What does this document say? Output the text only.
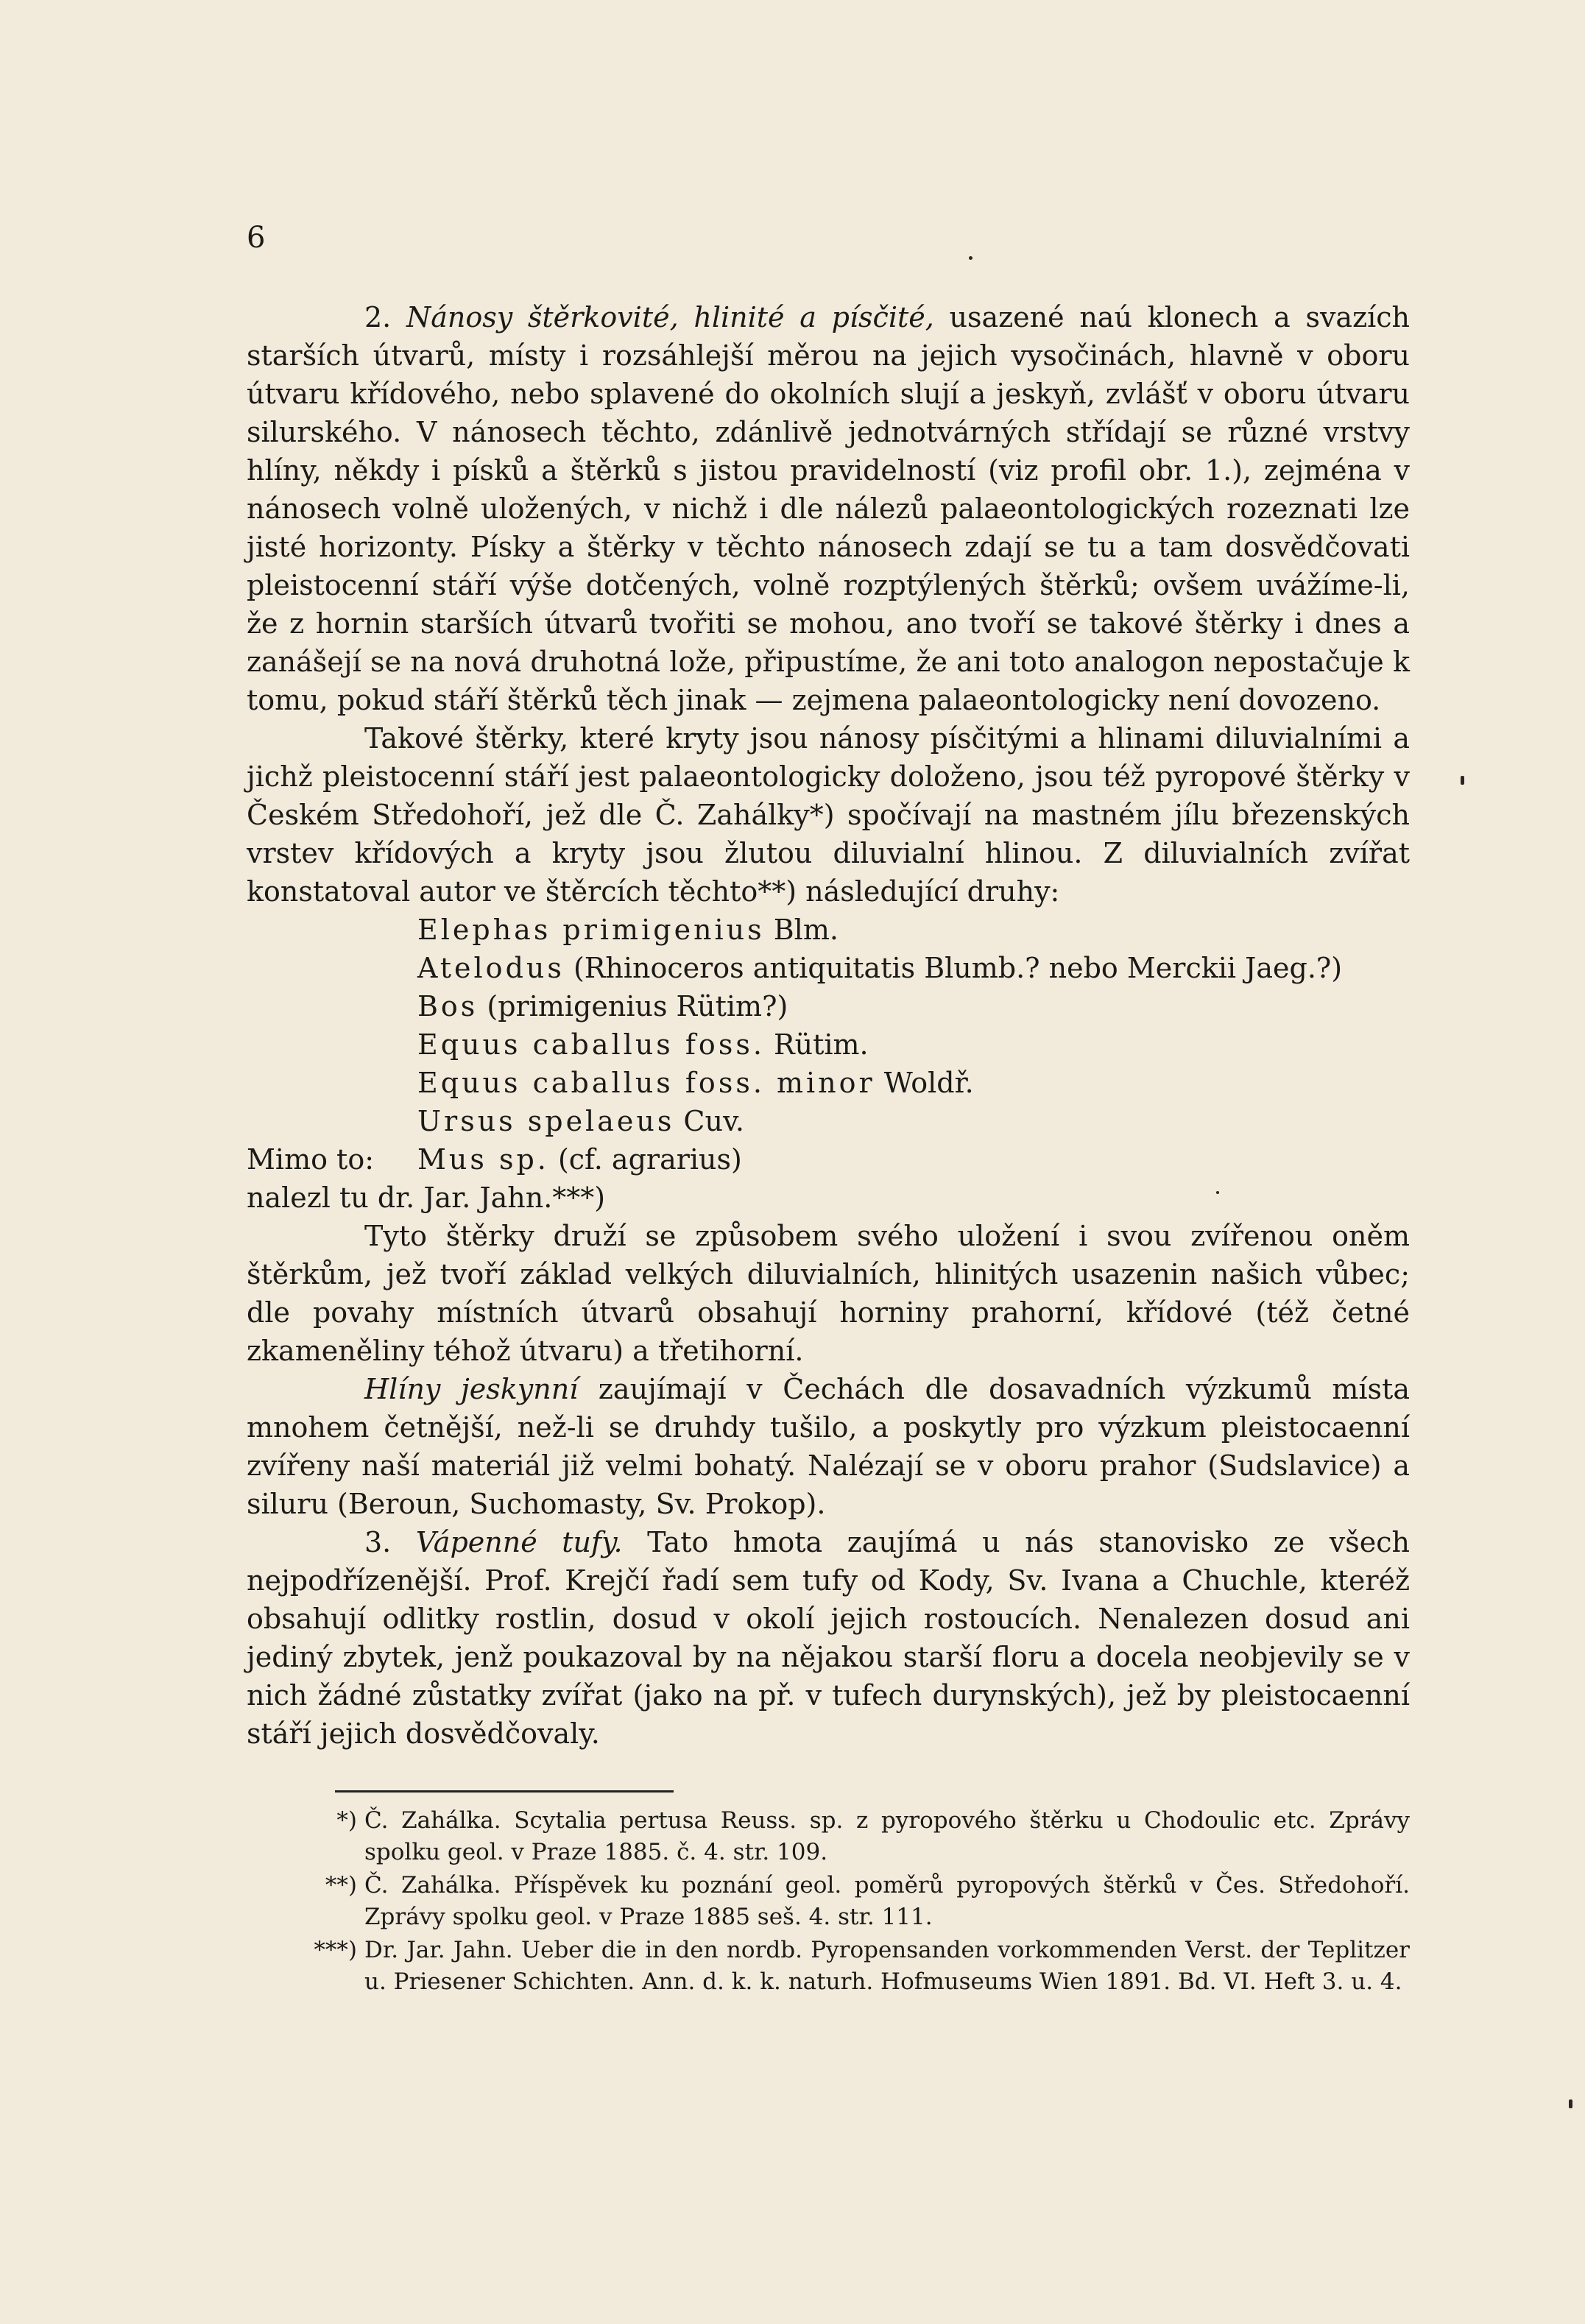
6

2. Nánosy štěrkovité, hlinité a písčité, usazené naú klonech a svazích starších útvarů, místy i rozsáhlejší měrou na jejich vysočinách, hlavně v oboru útvaru křídového, nebo splavené do okolních slují a jeskyň, zvlášť v oboru útvaru silurského. V nánosech těchto, zdánlivě jednotvárných střídají se různé vrstvy hlíny, někdy i písků a štěrků s jistou pravidelností (viz profil obr. 1.), zejména v nánosech volně uložených, v nichž i dle nálezů palaeontologických rozeznati lze jisté horizonty. Písky a štěrky v těchto nánosech zdají se tu a tam dosvědčovati pleistocenní stáří výše dotčených, volně rozptýlených štěrků; ovšem uvážíme-li, že z hornin starších útvarů tvořiti se mohou, ano tvoří se takové štěrky i dnes a zanášejí se na nová druhotná lože, připustíme, že ani toto analogon nepostačuje k tomu, pokud stáří štěrků těch jinak — zejmena palaeontologicky není dovozeno.

Takové štěrky, které kryty jsou nánosy písčitými a hlinami diluvialními a jichž pleistocenní stáří jest palaeontologicky doloženo, jsou též pyropové štěrky v Českém Středohoří, jež dle Č. Zahálky*) spočívají na mastném jílu březenských vrstev křídových a kryty jsou žlutou diluvialní hlinou. Z diluvialních zvířat konstatoval autor ve štěrcích těchto**) následující druhy:

Elephas primigenius Blm.
Atelodus (Rhinoceros antiquitatis Blumb.? nebo Merckii Jaeg.?)
Bos (primigenius Rütim?)
Equus caballus foss. Rütim.
Equus caballus foss. minor Woldř.
Ursus spelaeus Cuv.
Mimo to: Mus sp. (cf. agrarius)
nalezl tu dr. Jar. Jahn.***)

Tyto štěrky druží se způsobem svého uložení i svou zvířenou oněm štěrkům, jež tvoří základ velkých diluvialních, hlinitých usazenin našich vůbec; dle povahy místních útvarů obsahují horniny prahorní, křídové (též četné zkameněliny téhož útvaru) a třetihorní.

Hlíny jeskynní zaujímají v Čechách dle dosavadních výzkumů místa mnohem četnější, než-li se druhdy tušilo, a poskytly pro výzkum pleistocaenní zvířeny naší materiál již velmi bohatý. Nalézají se v oboru prahor (Sudslavice) a siluru (Beroun, Suchomasty, Sv. Prokop).

3. Vápenné tufy. Tato hmota zaujímá u nás stanovisko ze všech nejpodřízenější. Prof. Krejčí řadí sem tufy od Kody, Sv. Ivana a Chuchle, kteréž obsahují odlitky rostlin, dosud v okolí jejich rostoucích. Nenalezen dosud ani jediný zbytek, jenž poukazoval by na nějakou starší floru a docela neobjevily se v nich žádné zůstatky zvířat (jako na př. v tufech durynských), jež by pleistocaenní stáří jejich dosvědčovaly.

*) Č. Zahálka. Scytalia pertusa Reuss. sp. z pyropového štěrku u Chodoulic etc. Zprávy spolku geol. v Praze 1885. č. 4. str. 109.
**) Č. Zahálka. Příspěvek ku poznání geol. poměrů pyropových štěrků v Čes. Středohoří. Zprávy spolku geol. v Praze 1885 seš. 4. str. 111.
***) Dr. Jar. Jahn. Ueber die in den nordb. Pyropensanden vorkommenden Verst. der Teplitzer u. Priesener Schichten. Ann. d. k. k. naturh. Hofmuseums Wien 1891. Bd. VI. Heft 3. u. 4.
